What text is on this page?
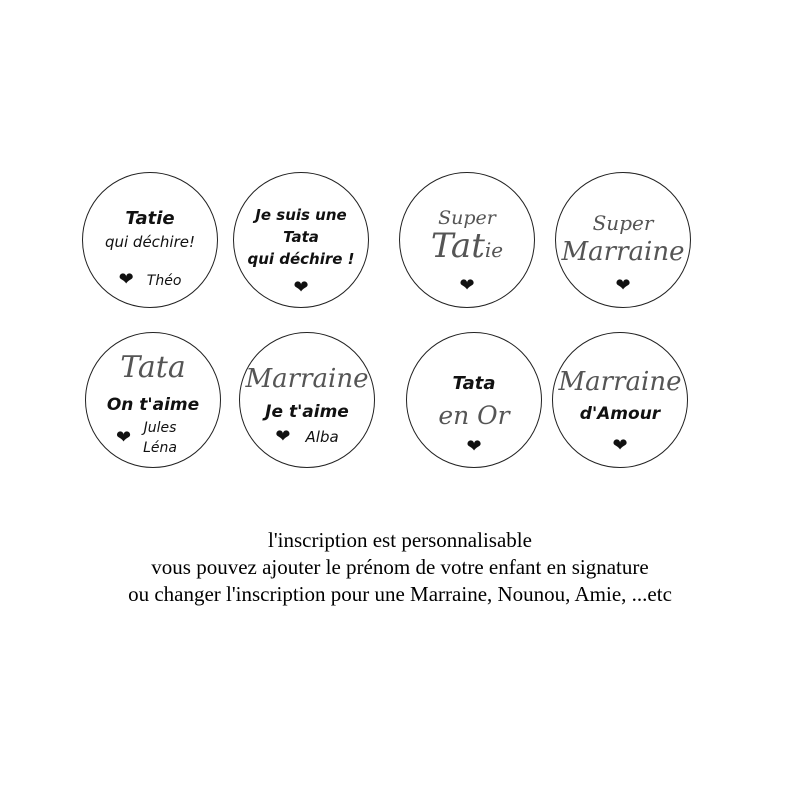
Tatie
qui déchire!
❤ Théo
Je suis une
Tata
qui déchire !
❤
Super
Tatie
❤
Super
Marraine
❤
Tata
On t'aime
❤ Jules
Léna
Marraine
Je t'aime
❤ Alba
Tata
en Or
❤
Marraine
d'Amour
❤
l'inscription est personnalisable
vous pouvez ajouter le prénom de votre enfant en signature
ou changer l'inscription pour une Marraine, Nounou, Amie, ...etc
